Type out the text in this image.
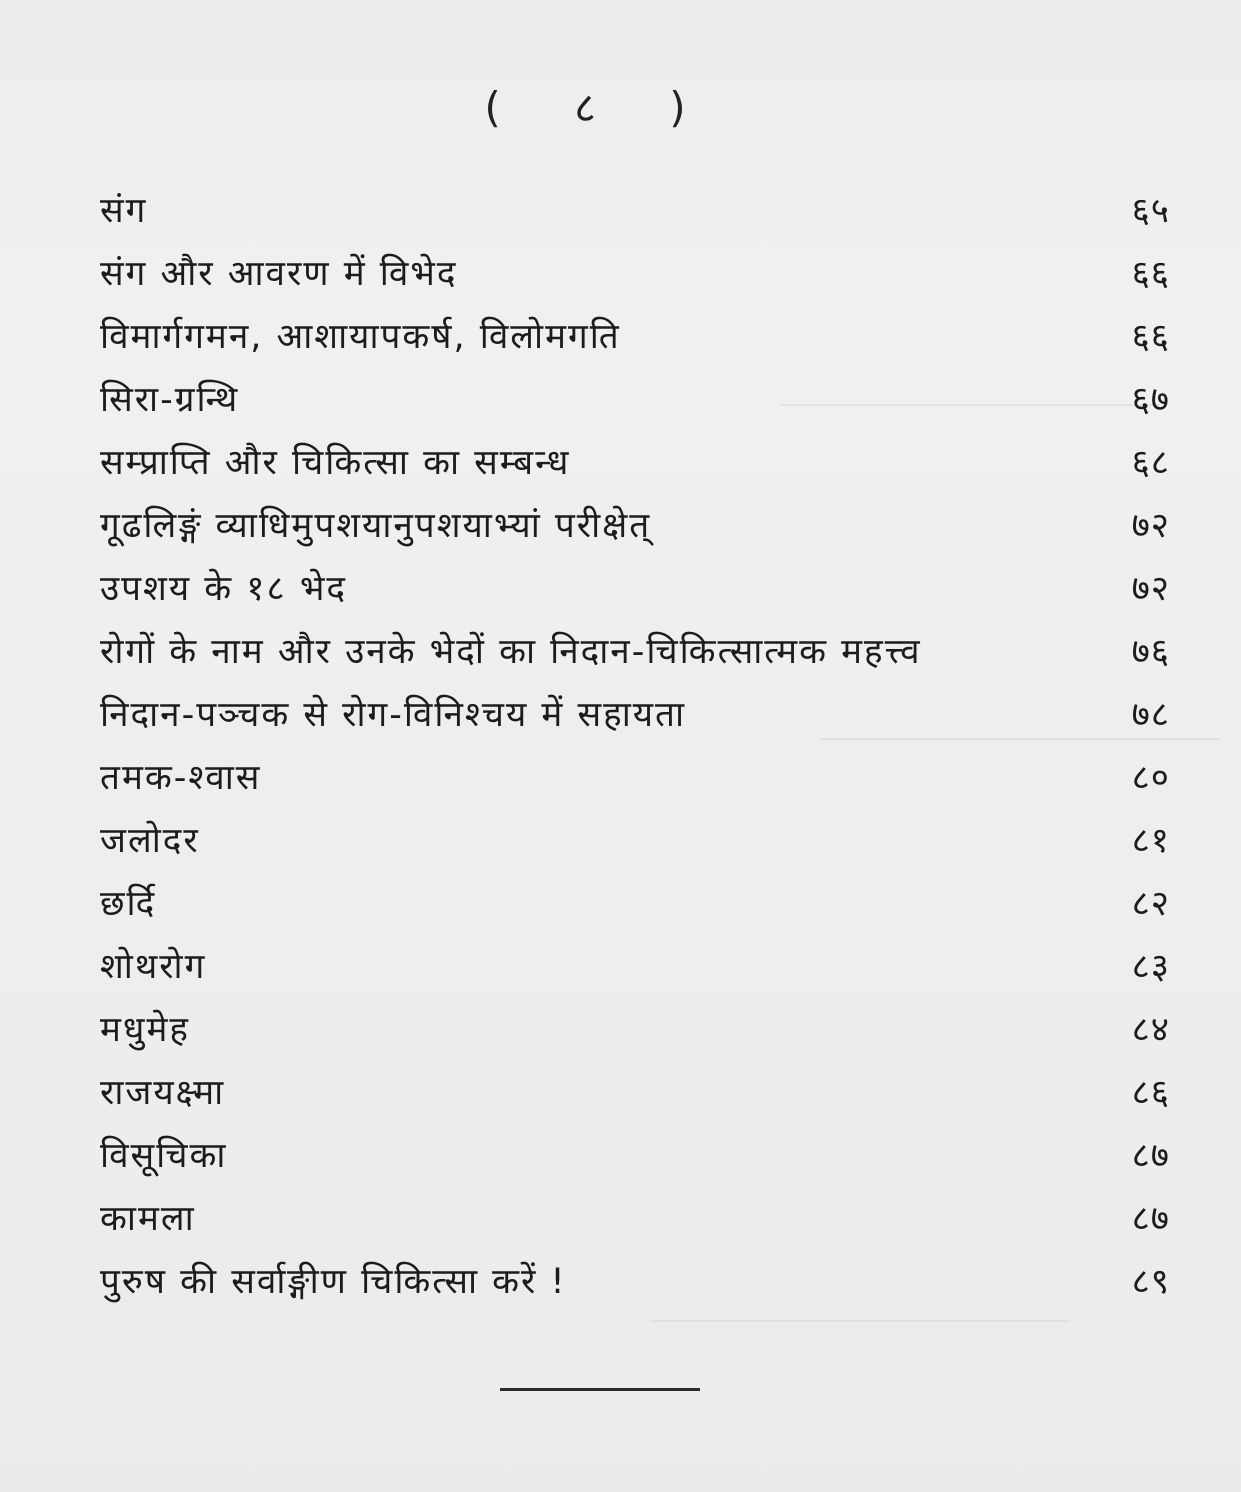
( ८ )
संग	६५
संग और आवरण में विभेद	६६
विमार्गगमन, आशायापकर्ष, विलोमगति	६६
सिरा-ग्रन्थि	६७
सम्प्राप्ति और चिकित्सा का सम्बन्ध	६८
गूढलिङ्गं व्याधिमुपशयानुपशयाभ्यां परीक्षेत्	७२
उपशय के १८ भेद	७२
रोगों के नाम और उनके भेदों का निदान-चिकित्सात्मक महत्त्व	७६
निदान-पञ्चक से रोग-विनिश्चय में सहायता	७८
तमक-श्वास	८०
जलोदर	८१
छर्दि	८२
शोथरोग	८३
मधुमेह	८४
राजयक्ष्मा	८६
विसूचिका	८७
कामला	८७
पुरुष की सर्वाङ्गीण चिकित्सा करें !	८९
